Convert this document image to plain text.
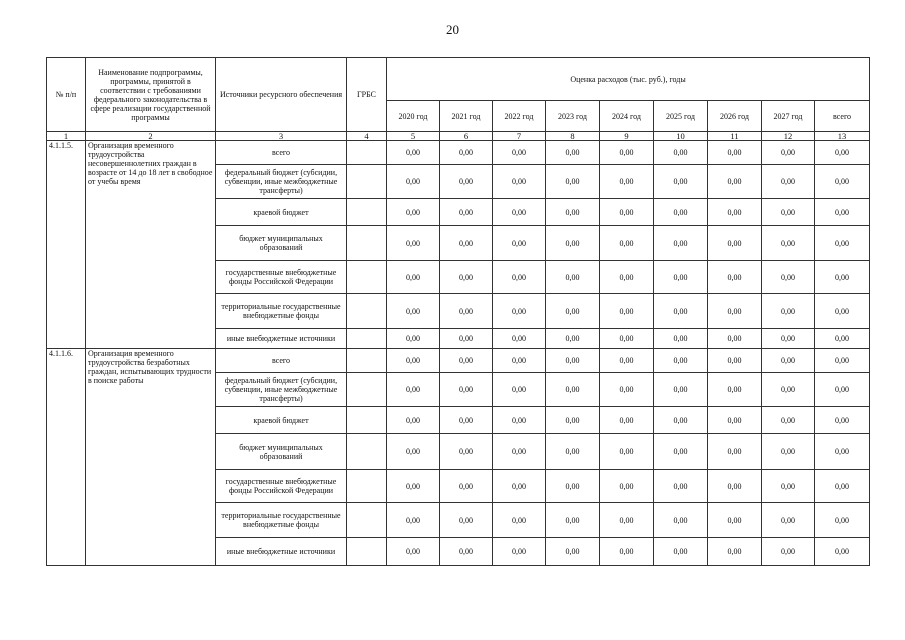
20
№ п/п	Наименование подпрограммы, программы, принятой в соответствии с требованиями федерального законодательства в сфере реализации государственной программы	Источники ресурсного обеспечения	ГРБС	Оценка расходов (тыс. руб.), годы								
				2020 год	2021 год	2022 год	2023 год	2024 год	2025 год	2026 год	2027 год	всего
1	2	3	4	5	6	7	8	9	10	11	12	13
4.1.1.5.	Организация временного трудоустройства несовершеннолетних граждан в возрасте от 14 до 18 лет в свободное от учебы время	всего		0,00	0,00	0,00	0,00	0,00	0,00	0,00	0,00	0,00
		федеральный бюджет (субсидии, субвенции, иные межбюджетные трансферты)		0,00	0,00	0,00	0,00	0,00	0,00	0,00	0,00	0,00
		краевой бюджет		0,00	0,00	0,00	0,00	0,00	0,00	0,00	0,00	0,00
		бюджет муниципальных образований		0,00	0,00	0,00	0,00	0,00	0,00	0,00	0,00	0,00
		государственные внебюджетные фонды Российской Федерации		0,00	0,00	0,00	0,00	0,00	0,00	0,00	0,00	0,00
		территориальные государственные внебюджетные фонды		0,00	0,00	0,00	0,00	0,00	0,00	0,00	0,00	0,00
		иные внебюджетные источники		0,00	0,00	0,00	0,00	0,00	0,00	0,00	0,00	0,00
4.1.1.6.	Организация временного трудоустройства безработных граждан, испытывающих трудности в поиске работы	всего		0,00	0,00	0,00	0,00	0,00	0,00	0,00	0,00	0,00
		федеральный бюджет (субсидии, субвенции, иные межбюджетные трансферты)		0,00	0,00	0,00	0,00	0,00	0,00	0,00	0,00	0,00
		краевой бюджет		0,00	0,00	0,00	0,00	0,00	0,00	0,00	0,00	0,00
		бюджет муниципальных образований		0,00	0,00	0,00	0,00	0,00	0,00	0,00	0,00	0,00
		государственные внебюджетные фонды Российской Федерации		0,00	0,00	0,00	0,00	0,00	0,00	0,00	0,00	0,00
		территориальные государственные внебюджетные фонды		0,00	0,00	0,00	0,00	0,00	0,00	0,00	0,00	0,00
		иные внебюджетные источники		0,00	0,00	0,00	0,00	0,00	0,00	0,00	0,00	0,00
